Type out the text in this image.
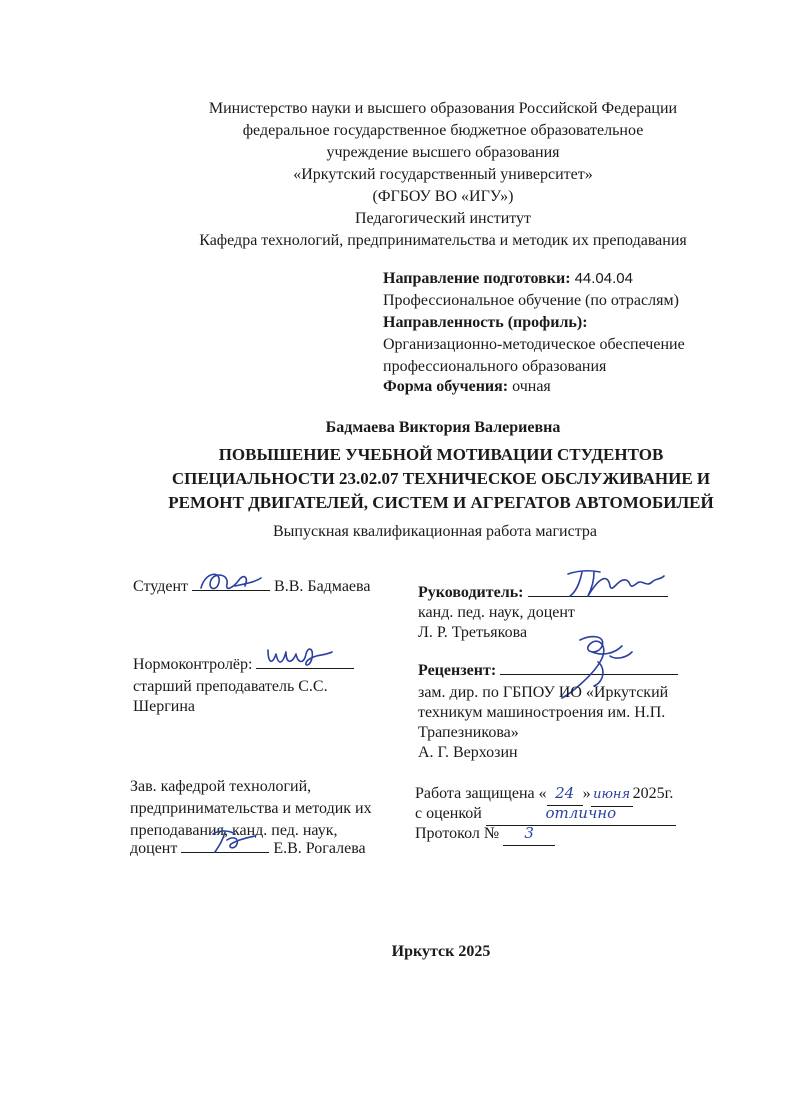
Министерство науки и высшего образования Российской Федерации
федеральное государственное бюджетное образовательное
учреждение высшего образования
«Иркутский государственный университет»
(ФГБОУ ВО «ИГУ»)
Педагогический институт
Кафедра технологий, предпринимательства и методик их преподавания
Направление подготовки: 44.04.04
Профессиональное обучение (по отраслям)
Направленность (профиль):
Организационно-методическое обеспечение
профессионального образования
Форма обучения: очная
Бадмаева Виктория Валериевна
ПОВЫШЕНИЕ УЧЕБНОЙ МОТИВАЦИИ СТУДЕНТОВ
СПЕЦИАЛЬНОСТИ 23.02.07 ТЕХНИЧЕСКОЕ ОБСЛУЖИВАНИЕ И
РЕМОНТ ДВИГАТЕЛЕЙ, СИСТЕМ И АГРЕГАТОВ АВТОМОБИЛЕЙ
Выпускная квалификационная работа магистра
Студент	В.В. Бадмаева	Руководитель:
канд. пед. наук, доцент
Л. Р. Третьякова
Нормоконтролёр:
старший преподаватель С.С.
Шергина
Рецензент:
зам. дир. по ГБПОУ ИО «Иркутский
техникум машиностроения им. Н.П.
Трапезникова»
А. Г. Верхозин
Зав. кафедрой технологий,
предпринимательства и методик их
преподавания, канд. пед. наук,
доцент	Е.В. Рогалева
Работа защищена « 24 » июня 2025г.
с оценкой	отлично
Протокол № 3
Иркутск 2025
